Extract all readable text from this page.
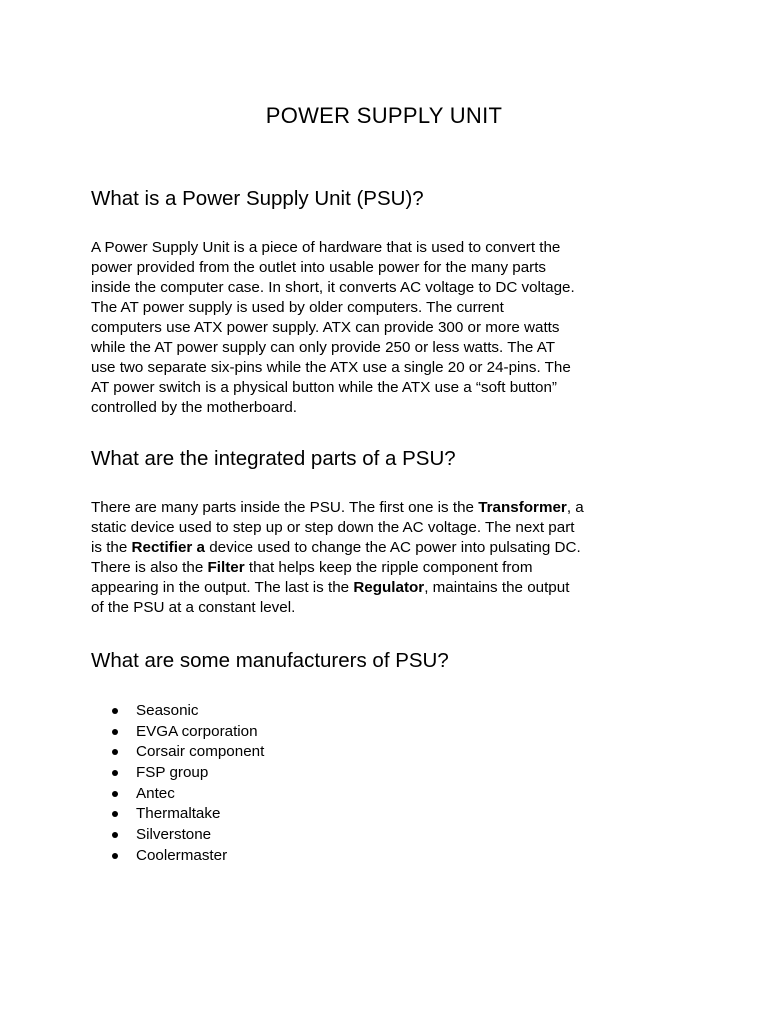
POWER SUPPLY UNIT
What is a Power Supply Unit (PSU)?
A Power Supply Unit is a piece of hardware that is used to convert the
power provided from the outlet into usable power for the many parts
inside the computer case. In short, it converts AC voltage to DC voltage.
The AT power supply is used by older computers. The current
computers use ATX power supply. ATX can provide 300 or more watts
while the AT power supply can only provide 250 or less watts. The AT
use two separate six-pins while the ATX use a single 20 or 24-pins. The
AT power switch is a physical button while the ATX use a “soft button”
controlled by the motherboard.
What are the integrated parts of a PSU?
There are many parts inside the PSU. The first one is the Transformer, a
static device used to step up or step down the AC voltage. The next part
is the Rectifier a device used to change the AC power into pulsating DC.
There is also the Filter that helps keep the ripple component from
appearing in the output. The last is the Regulator, maintains the output
of the PSU at a constant level.
What are some manufacturers of PSU?
Seasonic
EVGA corporation
Corsair component
FSP group
Antec
Thermaltake
Silverstone
Coolermaster
